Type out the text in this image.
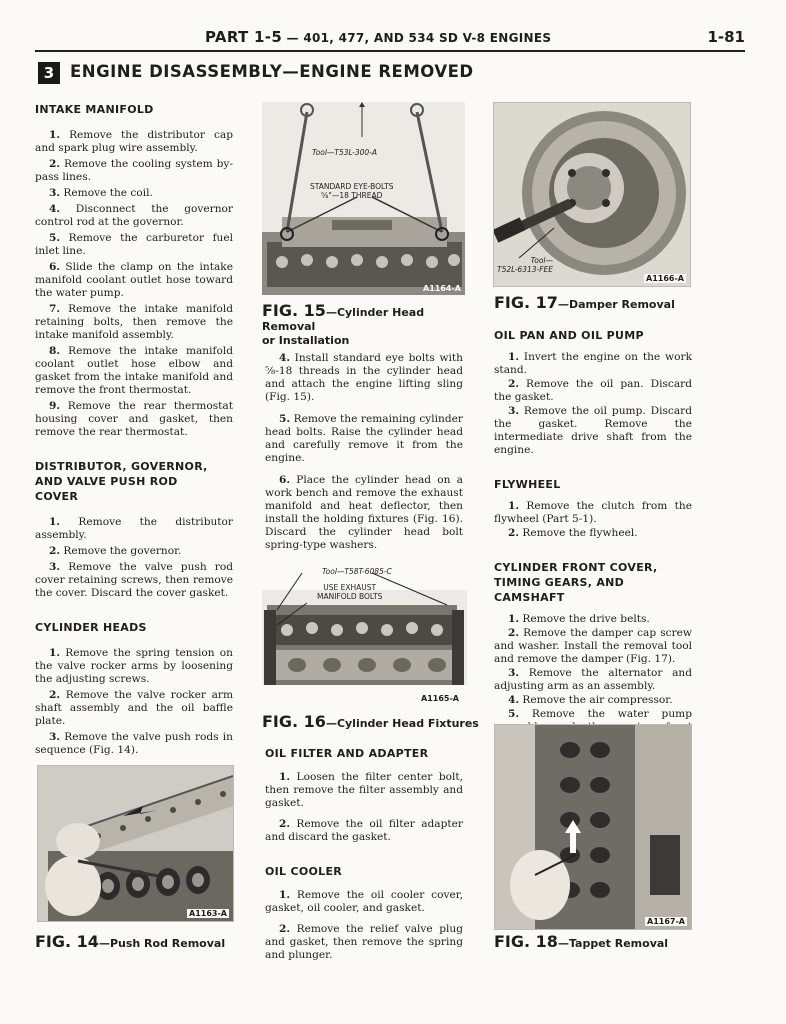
PART 1-5 — 401, 477, AND 534 SD V-8 ENGINES	1-81
3 ENGINE DISASSEMBLY—ENGINE REMOVED
INTAKE MANIFOLD

1. Remove the distributor cap and spark plug wire assembly.

2. Remove the cooling system by-pass lines.

3. Remove the coil.

4. Disconnect the governor control rod at the governor.

5. Remove the carburetor fuel inlet line.

6. Slide the clamp on the intake manifold coolant outlet hose toward the water pump.

7. Remove the intake manifold retaining bolts, then remove the intake manifold assembly.

8. Remove the intake manifold coolant outlet hose elbow and gasket from the intake manifold and remove the front thermostat.

9. Remove the rear thermostat housing cover and gasket, then remove the rear thermostat.

DISTRIBUTOR, GOVERNOR,
AND VALVE PUSH ROD
COVER

1. Remove the distributor assembly.

2. Remove the governor.

3. Remove the valve push rod cover retaining screws, then remove the cover. Discard the cover gasket.

CYLINDER HEADS

1. Remove the spring tension on the valve rocker arms by loosening the adjusting screws.

2. Remove the valve rocker arm shaft assembly and the oil baffle plate.

3. Remove the valve push rods in sequence (Fig. 14).

A1163-A
FIG. 14—Push Rod Removal
Tool—T53L-300-A
STANDARD EYE-BOLTS
⅝"—18 THREAD
A1164-A
FIG. 15—Cylinder Head Removal
or Installation

4. Install standard eye bolts with ⅝-18 threads in the cylinder head and attach the engine lifting sling (Fig. 15).

5. Remove the remaining cylinder head bolts. Raise the cylinder head and carefully remove it from the engine.

6. Place the cylinder head on a work bench and remove the exhaust manifold and heat deflector, then install the holding fixtures (Fig. 16). Discard the cylinder head bolt spring-type washers.

Tool—T58T-6085-C
USE EXHAUST
MANIFOLD BOLTS
A1165-A
FIG. 16—Cylinder Head Fixtures
OIL FILTER AND ADAPTER

1. Loosen the filter center bolt, then remove the filter assembly and gasket.

2. Remove the oil filter adapter and discard the gasket.

OIL COOLER

1. Remove the oil cooler cover, gasket, oil cooler, and gasket.

2. Remove the relief valve plug and gasket, then remove the spring and plunger.

Tool—
T52L-6313-FEE
A1166-A
FIG. 17—Damper Removal
OIL PAN AND OIL PUMP

1. Invert the engine on the work stand.

2. Remove the oil pan. Discard the gasket.

3. Remove the oil pump. Discard the gasket. Remove the intermediate drive shaft from the engine.

FLYWHEEL

1. Remove the clutch from the flywheel (Part 5-1).

2. Remove the flywheel.

CYLINDER FRONT COVER,
TIMING GEARS, AND
CAMSHAFT

1. Remove the drive belts.

2. Remove the damper cap screw and washer. Install the removal tool and remove the damper (Fig. 17).

3. Remove the alternator and adjusting arm as an assembly.

4. Remove the air compressor.

5. Remove the water pump

A1167-A
FIG. 18—Tappet Removal
